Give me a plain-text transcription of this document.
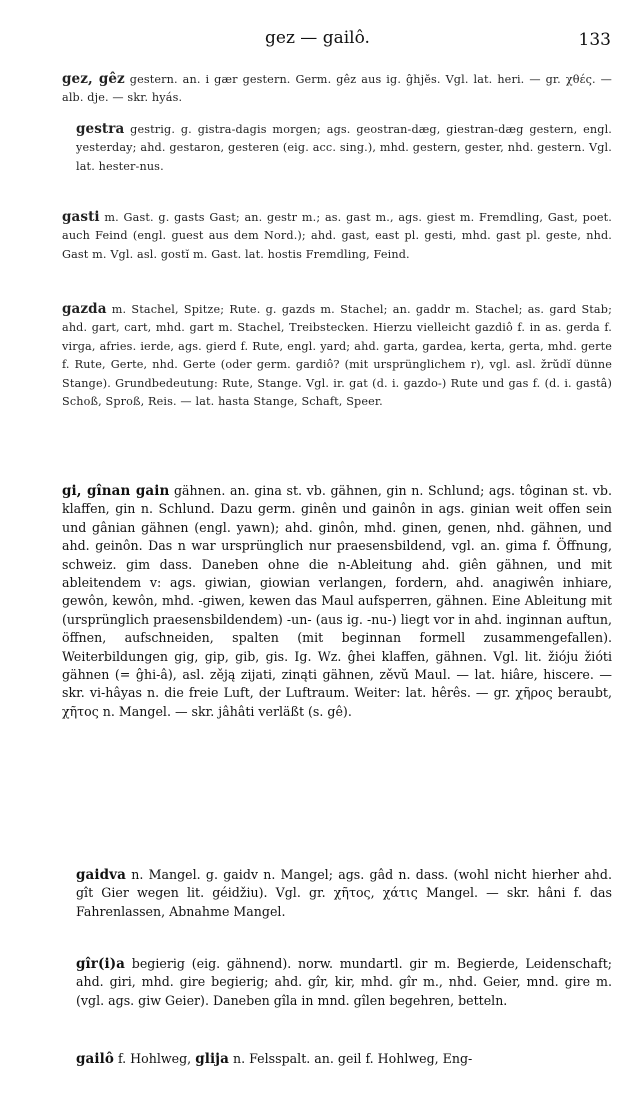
gez — gailô.	133
gez, gêz gestern. an. i gær gestern. Germ. gêz aus ig. ĝhjĕs. Vgl. lat. heri. — gr. χθές. — alb. dje. — skr. hyás.
gestra gestrig. g. gistra-dagis morgen; ags. geostran-dæg, giestran-dæg gestern, engl. yesterday; ahd. gestaron, gesteren (eig. acc. sing.), mhd. gestern, gester, nhd. gestern. Vgl. lat. hester-nus.
gasti m. Gast. g. gasts Gast; an. gestr m.; as. gast m., ags. giest m. Fremdling, Gast, poet. auch Feind (engl. guest aus dem Nord.); ahd. gast, east pl. gesti, mhd. gast pl. geste, nhd. Gast m. Vgl. asl. gostĭ m. Gast. lat. hostis Fremdling, Feind.
gazda m. Stachel, Spitze; Rute. g. gazds m. Stachel; an. gaddr m. Stachel; as. gard Stab; ahd. gart, cart, mhd. gart m. Stachel, Treibstecken. Hierzu vielleicht gazdiô f. in as. gerda f. virga, afries. ierde, ags. gierd f. Rute, engl. yard; ahd. garta, gardea, kerta, gerta, mhd. gerte f. Rute, Gerte, nhd. Gerte (oder germ. gardiô? (mit ursprünglichem r), vgl. asl. žrŭdĭ dünne Stange). Grundbedeutung: Rute, Stange. Vgl. ir. gat (d. i. gazdo-) Rute und gas f. (d. i. gastâ) Schoß, Sproß, Reis. — lat. hasta Stange, Schaft, Speer.
gi, gînan gain gähnen. an. gina st. vb. gähnen, gin n. Schlund; ags. tôginan st. vb. klaffen, gin n. Schlund. Dazu germ. ginên und gainôn in ags. ginian weit offen sein und gânian gähnen (engl. yawn); ahd. ginôn, mhd. ginen, genen, nhd. gähnen, und ahd. geinôn. Das n war ursprünglich nur praesensbildend, vgl. an. gima f. Öffnung, schweiz. gim dass. Daneben ohne die n-Ableitung ahd. giên gähnen, und mit ableitendem v: ags. giwian, giowian verlangen, fordern, ahd. anagiwên inhiare, gewôn, kewôn, mhd. -giwen, kewen das Maul aufsperren, gähnen. Eine Ableitung mit (ursprünglich praesensbildendem) -un- (aus ig. -nu-) liegt vor in ahd. inginnan auftun, öffnen, aufschneiden, spalten (mit beginnan formell zusammengefallen). Weiterbildungen gig, gip, gib, gis. Ig. Wz. ĝhei klaffen, gähnen. Vgl. lit. žióju žióti gähnen (= ĝhi-â), asl. zěją zijati, zinąti gähnen, zěvŭ Maul. — lat. hiâre, hiscere. — skr. vi-hâyas n. die freie Luft, der Luftraum. Weiter: lat. hêrês. — gr. χῆρος beraubt, χῆτος n. Mangel. — skr. jâhâti verläßt (s. gê).
gaidva n. Mangel. g. gaidv n. Mangel; ags. gâd n. dass. (wohl nicht hierher ahd. gît Gier wegen lit. géidžiu). Vgl. gr. χῆτος, χάτις Mangel. — skr. hâni f. das Fahrenlassen, Abnahme Mangel.
gîr(i)a begierig (eig. gähnend). norw. mundartl. gir m. Begierde, Leidenschaft; ahd. giri, mhd. gire begierig; ahd. gîr, kir, mhd. gîr m., nhd. Geier, mnd. gire m. (vgl. ags. giw Geier). Daneben gîla in mnd. gîlen begehren, betteln.
gailô f. Hohlweg, glija n. Felsspalt. an. geil f. Hohlweg, Eng-
